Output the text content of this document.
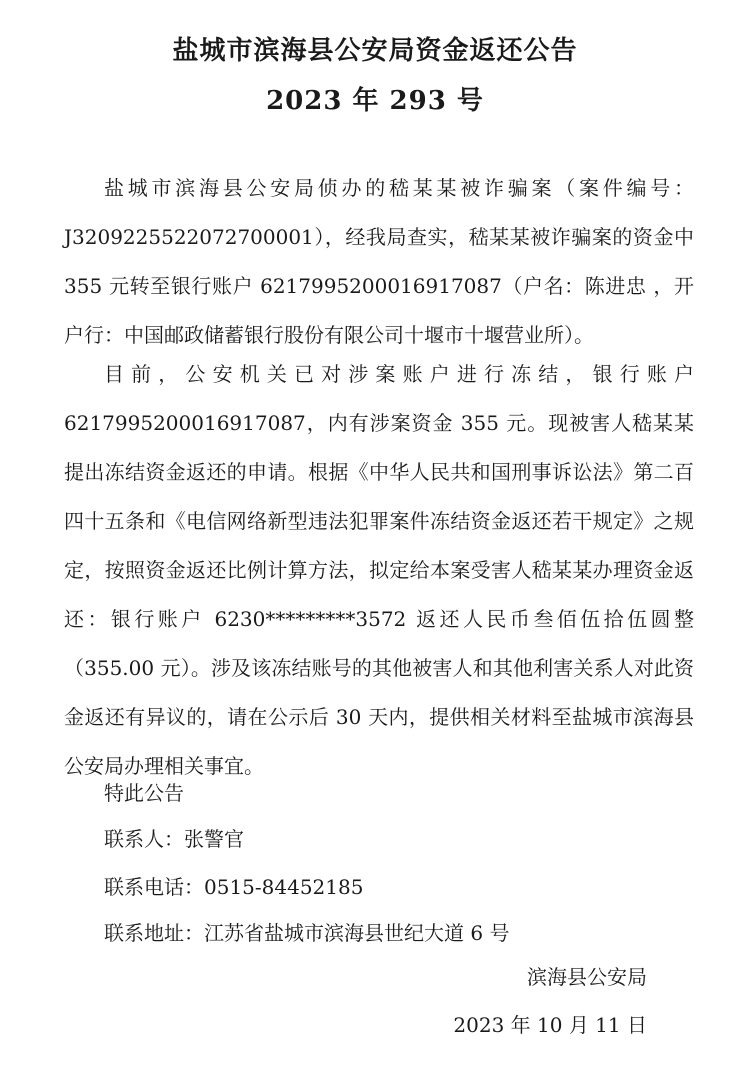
盐城市滨海县公安局资金返还公告
2023 年 293 号

盐城市滨海县公安局侦办的嵇某某被诈骗案（案件编号：J3209225522072700001），经我局查实，嵇某某被诈骗案的资金中355 元转至银行账户 6217995200016917087（户名：陈进忠 ，开户行：中国邮政储蓄银行股份有限公司十堰市十堰营业所）。

目前，公安机关已对涉案账户进行冻结，银行账户6217995200016917087，内有涉案资金 355 元。现被害人嵇某某提出冻结资金返还的申请。根据《中华人民共和国刑事诉讼法》第二百四十五条和《电信网络新型违法犯罪案件冻结资金返还若干规定》之规定，按照资金返还比例计算方法，拟定给本案受害人嵇某某办理资金返还：银行账户 6230*********3572 返还人民币叁佰伍拾伍圆整（355.00 元）。涉及该冻结账号的其他被害人和其他利害关系人对此资金返还有异议的，请在公示后 30 天内，提供相关材料至盐城市滨海县公安局办理相关事宜。

特此公告
联系人：张警官
联系电话：0515-84452185
联系地址：江苏省盐城市滨海县世纪大道 6 号
滨海县公安局
2023 年 10 月 11 日
